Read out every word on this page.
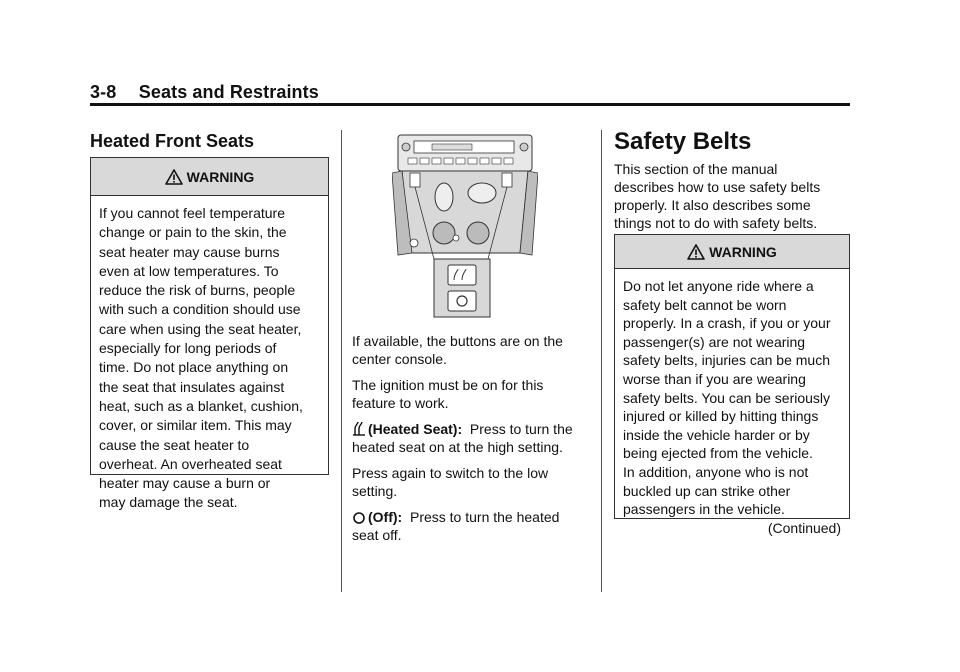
3-8 Seats and Restraints
Heated Front Seats
WARNING
If you cannot feel temperature
change or pain to the skin, the
seat heater may cause burns
even at low temperatures. To
reduce the risk of burns, people
with such a condition should use
care when using the seat heater,
especially for long periods of
time. Do not place anything on
the seat that insulates against
heat, such as a blanket, cushion,
cover, or similar item. This may
cause the seat heater to
overheat. An overheated seat
heater may cause a burn or
may damage the seat.

If available, the buttons are on the
center console.

The ignition must be on for this
feature to work.

(Heated Seat): Press to turn the
heated seat on at the high setting.

Press again to switch to the low
setting.

(Off): Press to turn the heated
seat off.

Safety Belts
This section of the manual
describes how to use safety belts
properly. It also describes some
things not to do with safety belts.
WARNING
Do not let anyone ride where a
safety belt cannot be worn
properly. In a crash, if you or your
passenger(s) are not wearing
safety belts, injuries can be much
worse than if you are wearing
safety belts. You can be seriously
injured or killed by hitting things
inside the vehicle harder or by
being ejected from the vehicle.
In addition, anyone who is not
buckled up can strike other
passengers in the vehicle.
(Continued)
